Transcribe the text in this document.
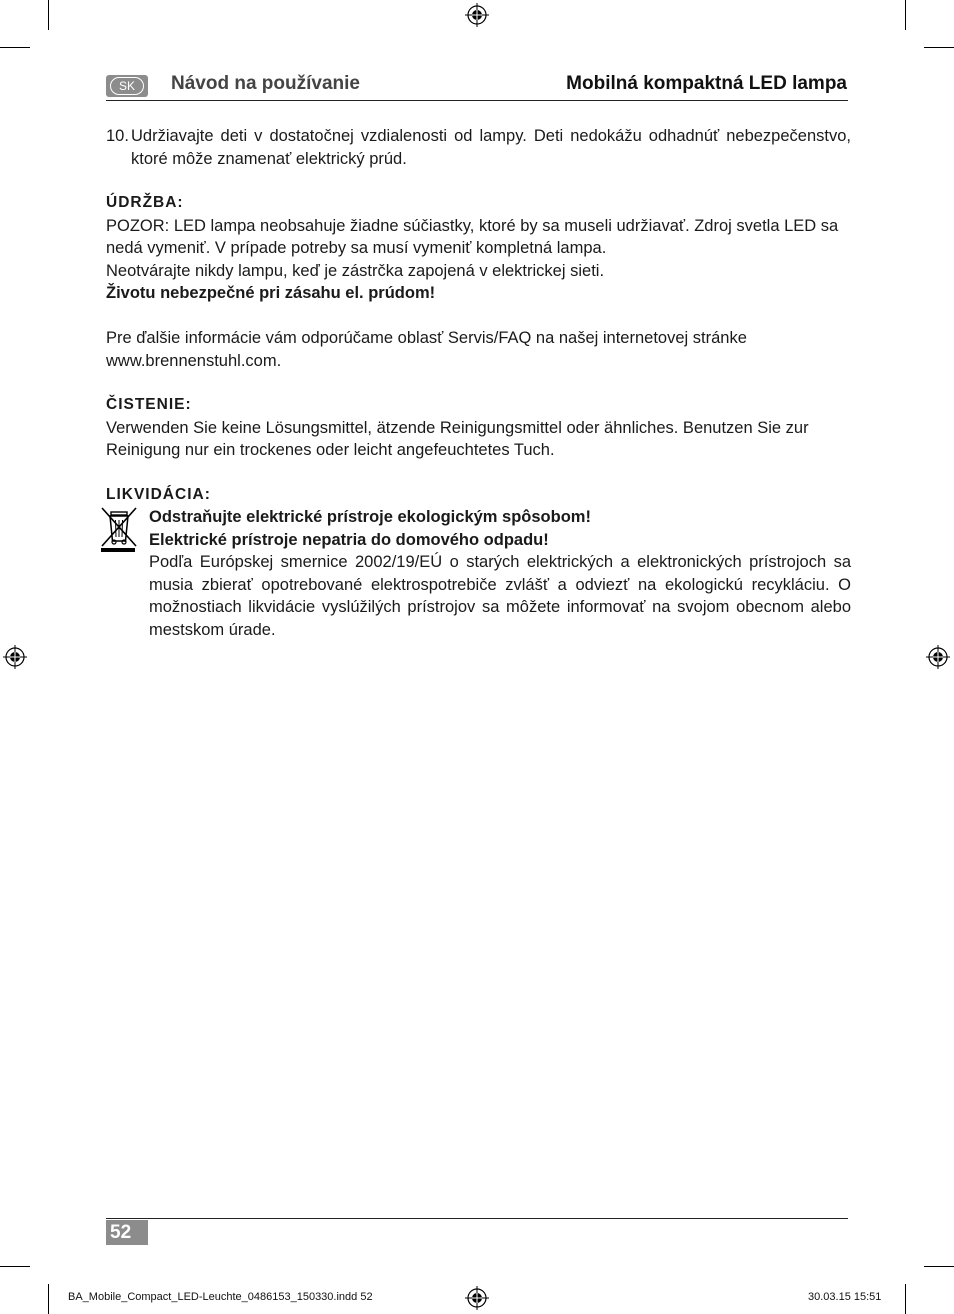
SK	Návod na používanie	Mobilná kompaktná LED lampa
10. Udržiavajte deti v dostatočnej vzdialenosti od lampy. Deti nedokážu odhadnúť nebezpečenstvo, ktoré môže znamenať elektrický prúd.

ÚDRŽBA:

POZOR: LED lampa neobsahuje žiadne súčiastky, ktoré by sa museli udržiavať. Zdroj svetla LED sa nedá vymeniť. V prípade potreby sa musí vymeniť kompletná lampa.

Neotvárajte nikdy lampu, keď je zástrčka zapojená v elektrickej sieti.

Životu nebezpečné pri zásahu el. prúdom!

Pre ďalšie informácie vám odporúčame oblasť Servis/FAQ na našej internetovej stránke www.brennenstuhl.com.

ČISTENIE:

Verwenden Sie keine Lösungsmittel, ätzende Reinigungsmittel oder ähnliches. Benutzen Sie zur Reinigung nur ein trockenes oder leicht angefeuchtetes Tuch.

LIKVIDÁCIA:

Odstraňujte elektrické prístroje ekologickým spôsobom!

Elektrické prístroje nepatria do domového odpadu!

Podľa Európskej smernice 2002/19/EÚ o starých elektrických a elektronických prístrojoch sa musia zbierať opotrebované elektrospotrebiče zvlášť a odviezť na ekologickú recykláciu. O možnostiach likvidácie vyslúžilých prístrojov sa môžete informovať na svojom obecnom alebo mestskom úrade.

52
BA_Mobile_Compact_LED-Leuchte_0486153_150330.indd 52	30.03.15 15:51
